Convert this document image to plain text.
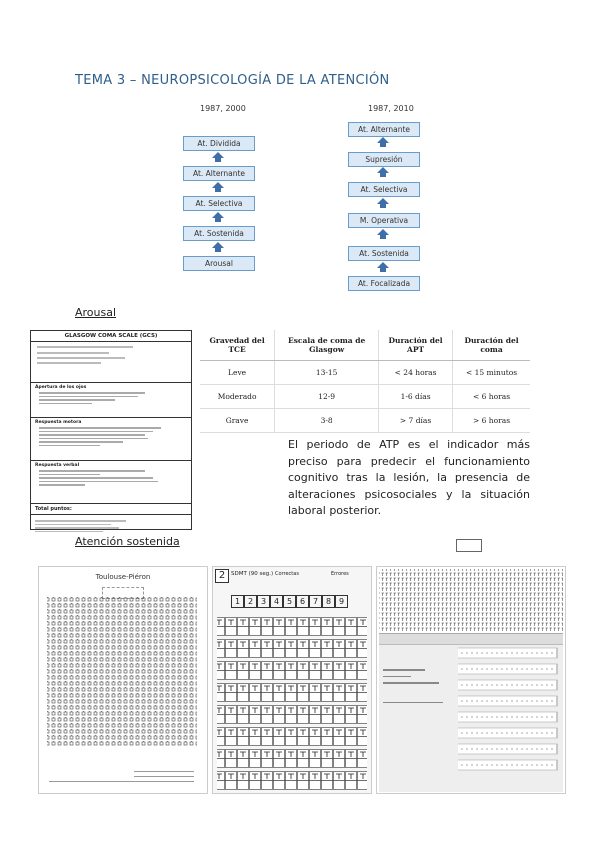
TEMA 3 – NEUROPSICOLOGÍA DE LA ATENCIÓN
1987, 2000
At. Dividida
At. Alternante
At. Selectiva
At. Sostenida
Arousal
1987, 2010
At. Alternante
Supresión
At. Selectiva
M. Operativa
At. Sostenida
At. Focalizada
Arousal
GLASGOW COMA SCALE (GCS)
Apertura de los ojos
Respuesta motora
Respuesta verbal
Total puntos:
Gravedad del TCE	Escala de coma de Glasgow	Duración del APT	Duración del coma
Leve	13-15	< 24 horas	< 15 minutos
Moderado	12-9	1-6 días	< 6 horas
Grave	3-8	> 7 días	> 6 horas
El periodo de ATP es el indicador más preciso para predecir el funcionamiento cognitivo tras la lesión, la presencia de alteraciones psicosociales y la situación laboral posterior.
Atención sostenida
Toulouse-Piéron	2	SDMT (90 seg.) Correctas	Errores
1 2 3 4 5 6 7 8 9
